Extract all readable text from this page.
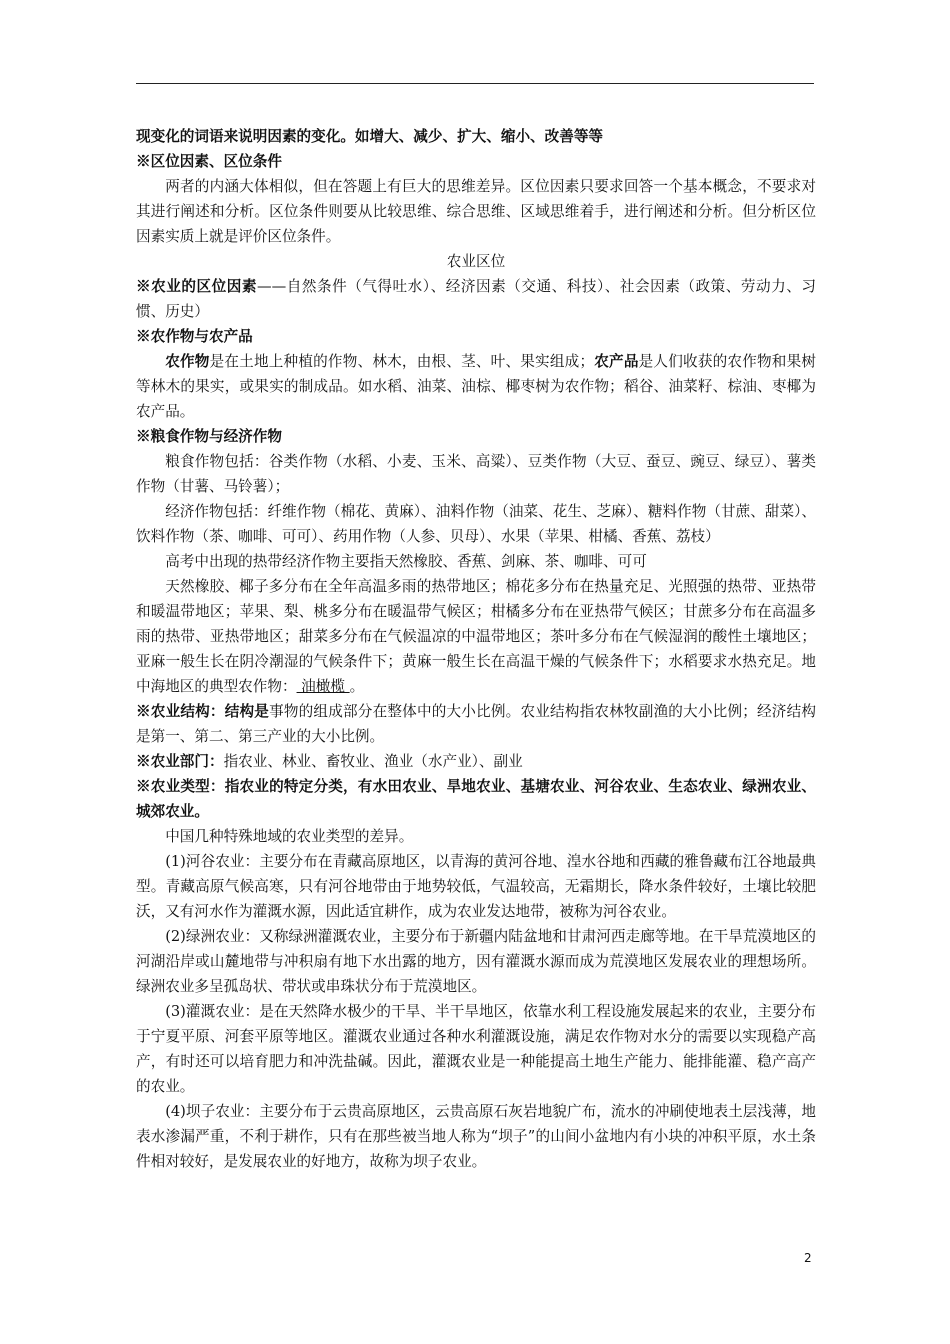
现变化的词语来说明因素的变化。如增大、减少、扩大、缩小、改善等等

※区位因素、区位条件

两者的内涵大体相似，但在答题上有巨大的思维差异。区位因素只要求回答一个基本概念，不要求对其进行阐述和分析。区位条件则要从比较思维、综合思维、区域思维着手，进行阐述和分析。但分析区位因素实质上就是评价区位条件。

农业区位

※农业的区位因素——自然条件（气得吐水）、经济因素（交通、科技）、社会因素（政策、劳动力、习惯、历史）

※农作物与农产品

农作物是在土地上种植的作物、林木，由根、茎、叶、果实组成；农产品是人们收获的农作物和果树等林木的果实，或果实的制成品。如水稻、油菜、油棕、椰枣树为农作物；稻谷、油菜籽、棕油、枣椰为农产品。

※粮食作物与经济作物

粮食作物包括：谷类作物（水稻、小麦、玉米、高粱）、豆类作物（大豆、蚕豆、豌豆、绿豆）、薯类作物（甘薯、马铃薯）；

经济作物包括：纤维作物（棉花、黄麻）、油料作物（油菜、花生、芝麻）、糖料作物（甘蔗、甜菜）、饮料作物（茶、咖啡、可可）、药用作物（人参、贝母）、水果（苹果、柑橘、香蕉、荔枝）

高考中出现的热带经济作物主要指天然橡胶、香蕉、剑麻、茶、咖啡、可可

天然橡胶、椰子多分布在全年高温多雨的热带地区；棉花多分布在热量充足、光照强的热带、亚热带和暖温带地区；苹果、梨、桃多分布在暖温带气候区；柑橘多分布在亚热带气候区；甘蔗多分布在高温多雨的热带、亚热带地区；甜菜多分布在气候温凉的中温带地区；茶叶多分布在气候湿润的酸性土壤地区；亚麻一般生长在阴冷潮湿的气候条件下；黄麻一般生长在高温干燥的气候条件下；水稻要求水热充足。地中海地区的典型农作物： 油橄榄 。

※农业结构：结构是事物的组成部分在整体中的大小比例。农业结构指农林牧副渔的大小比例；经济结构是第一、第二、第三产业的大小比例。

※农业部门：指农业、林业、畜牧业、渔业（水产业）、副业

※农业类型：指农业的特定分类，有水田农业、旱地农业、基塘农业、河谷农业、生态农业、绿洲农业、城郊农业。

中国几种特殊地域的农业类型的差异。

(1)河谷农业：主要分布在青藏高原地区，以青海的黄河谷地、湟水谷地和西藏的雅鲁藏布江谷地最典型。青藏高原气候高寒，只有河谷地带由于地势较低，气温较高，无霜期长，降水条件较好，土壤比较肥沃，又有河水作为灌溉水源，因此适宜耕作，成为农业发达地带，被称为河谷农业。

(2)绿洲农业：又称绿洲灌溉农业，主要分布于新疆内陆盆地和甘肃河西走廊等地。在干旱荒漠地区的河湖沿岸或山麓地带与冲积扇有地下水出露的地方，因有灌溉水源而成为荒漠地区发展农业的理想场所。绿洲农业多呈孤岛状、带状或串珠状分布于荒漠地区。

(3)灌溉农业：是在天然降水极少的干旱、半干旱地区，依靠水利工程设施发展起来的农业，主要分布于宁夏平原、河套平原等地区。灌溉农业通过各种水利灌溉设施，满足农作物对水分的需要以实现稳产高产，有时还可以培育肥力和冲洗盐碱。因此，灌溉农业是一种能提高土地生产能力、能排能灌、稳产高产的农业。

(4)坝子农业：主要分布于云贵高原地区，云贵高原石灰岩地貌广布，流水的冲刷使地表土层浅薄，地表水渗漏严重，不利于耕作，只有在那些被当地人称为“坝子”的山间小盆地内有小块的冲积平原，水土条件相对较好，是发展农业的好地方，故称为坝子农业。

2
